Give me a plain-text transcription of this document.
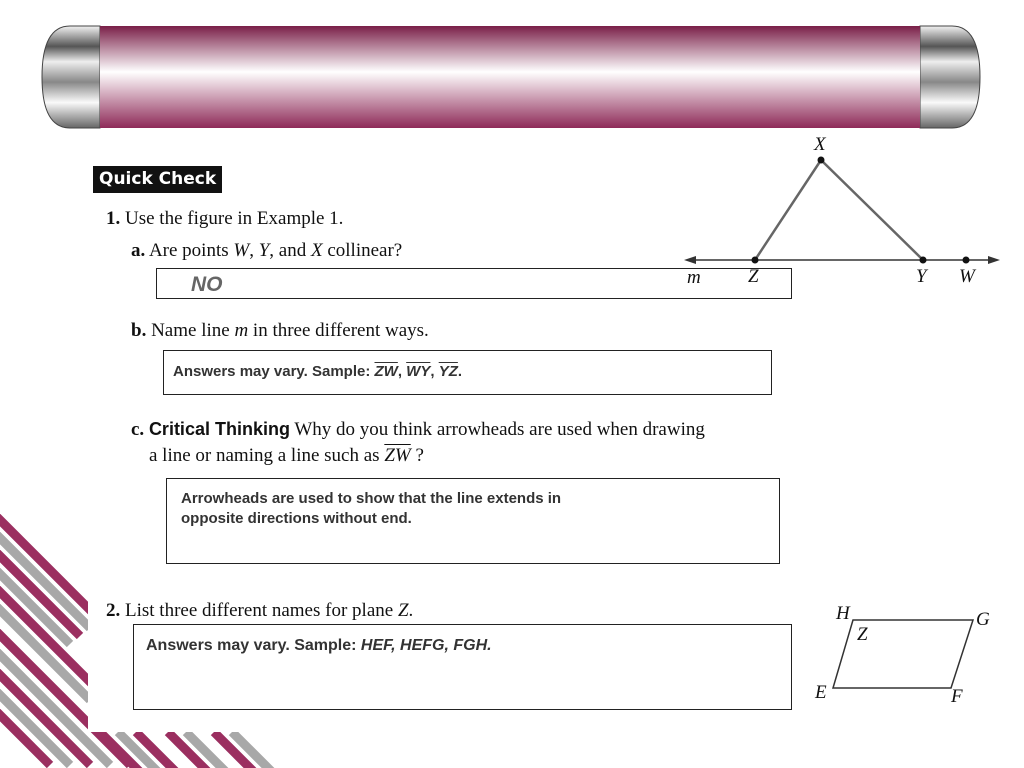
Quick Check
1. Use the figure in Example 1.
a. Are points W, Y, and X collinear?
NO
b. Name line m in three different ways.
Answers may vary. Sample: $\overline{ZW}$, $\overline{WY}$, $\overline{YZ}$.
c. Critical Thinking Why do you think arrowheads are used when drawing
a line or naming a line such as $\overline{ZW}$ ?
Arrowheads are used to show that the line extends in
opposite directions without end.
2. List three different names for plane Z.
Answers may vary. Sample: HEF, HEFG, FGH.
X
Z	Y W
m
H	G
E	F
Z
